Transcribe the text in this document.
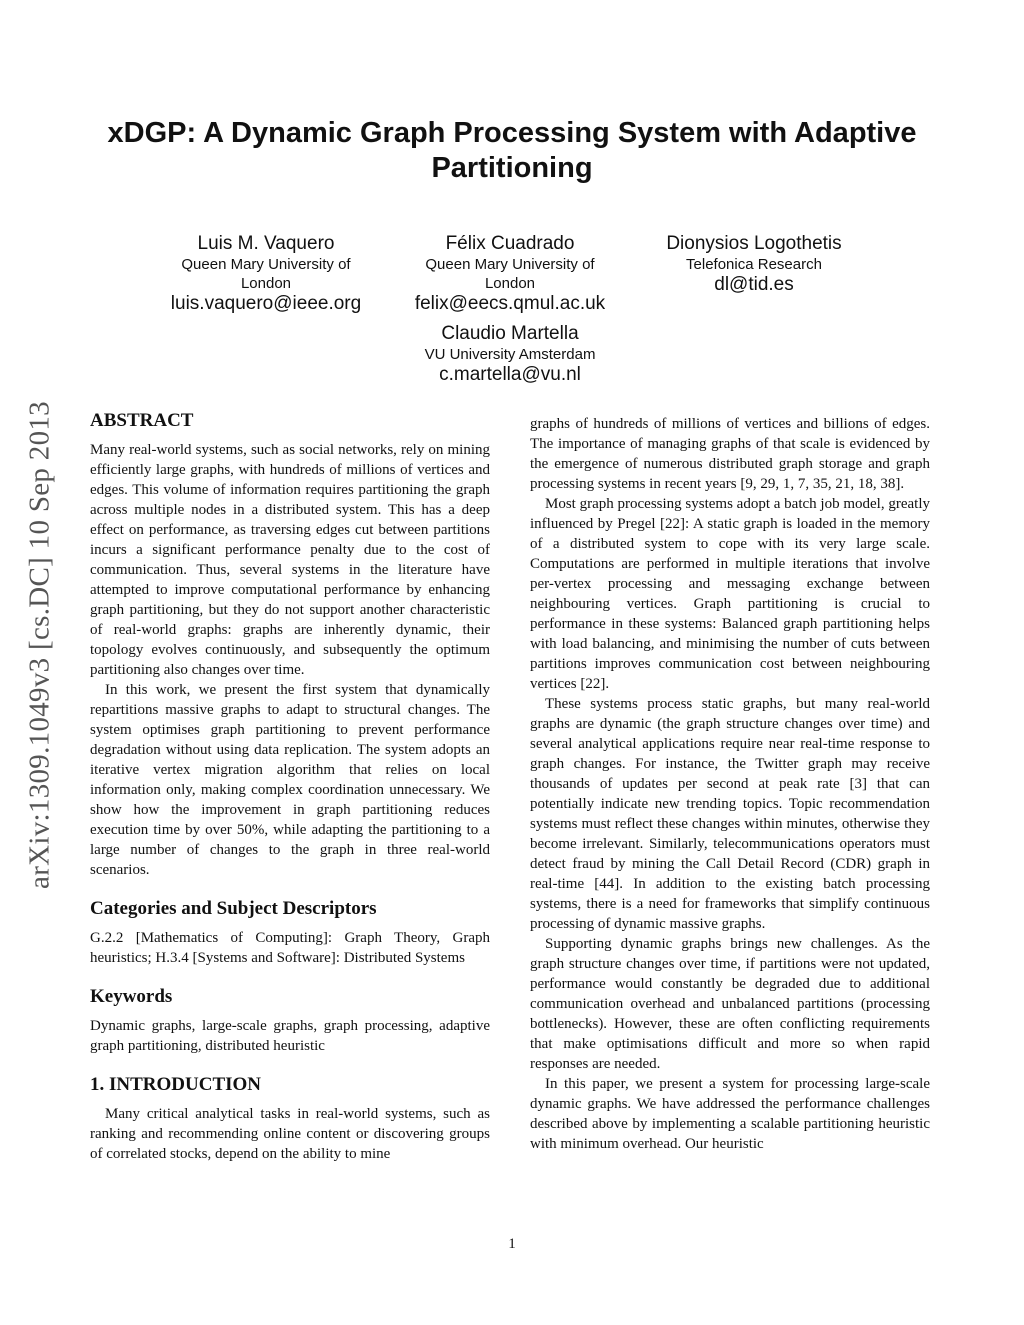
xDGP: A Dynamic Graph Processing System with Adaptive Partitioning
Luis M. Vaquero
Queen Mary University of London
luis.vaquero@ieee.org
Félix Cuadrado
Queen Mary University of London
felix@eecs.qmul.ac.uk
Dionysios Logothetis
Telefonica Research
dl@tid.es
Claudio Martella
VU University Amsterdam
c.martella@vu.nl
arXiv:1309.1049v3 [cs.DC] 10 Sep 2013 ABSTRACT

Many real-world systems, such as social networks, rely on mining efficiently large graphs, with hundreds of millions of vertices and edges. This volume of information requires partitioning the graph across multiple nodes in a distributed system. This has a deep effect on performance, as traversing edges cut between partitions incurs a significant performance penalty due to the cost of communication. Thus, several systems in the literature have attempted to improve computational performance by enhancing graph partitioning, but they do not support another characteristic of real-world graphs: graphs are inherently dynamic, their topology evolves continuously, and subsequently the optimum partitioning also changes over time.

In this work, we present the first system that dynamically repartitions massive graphs to adapt to structural changes. The system optimises graph partitioning to prevent performance degradation without using data replication. The system adopts an iterative vertex migration algorithm that relies on local information only, making complex coordination unnecessary. We show how the improvement in graph partitioning reduces execution time by over 50%, while adapting the partitioning to a large number of changes to the graph in three real-world scenarios.

Categories and Subject Descriptors

G.2.2 [Mathematics of Computing]: Graph Theory, Graph heuristics; H.3.4 [Systems and Software]: Distributed Systems

Keywords

Dynamic graphs, large-scale graphs, graph processing, adaptive graph partitioning, distributed heuristic

1. INTRODUCTION

Many critical analytical tasks in real-world systems, such as ranking and recommending online content or discovering groups of correlated stocks, depend on the ability to mine

graphs of hundreds of millions of vertices and billions of edges. The importance of managing graphs of that scale is evidenced by the emergence of numerous distributed graph storage and graph processing systems in recent years [9, 29, 1, 7, 35, 21, 18, 38].

Most graph processing systems adopt a batch job model, greatly influenced by Pregel [22]: A static graph is loaded in the memory of a distributed system to cope with its very large scale. Computations are performed in multiple iterations that involve per-vertex processing and messaging exchange between neighbouring vertices. Graph partitioning is crucial to performance in these systems: Balanced graph partitioning helps with load balancing, and minimising the number of cuts between partitions improves communication cost between neighbouring vertices [22].

These systems process static graphs, but many real-world graphs are dynamic (the graph structure changes over time) and several analytical applications require near real-time response to graph changes. For instance, the Twitter graph may receive thousands of updates per second at peak rate [3] that can potentially indicate new trending topics. Topic recommendation systems must reflect these changes within minutes, otherwise they become irrelevant. Similarly, telecommunications operators must detect fraud by mining the Call Detail Record (CDR) graph in real-time [44]. In addition to the existing batch processing systems, there is a need for frameworks that simplify continuous processing of dynamic massive graphs.

Supporting dynamic graphs brings new challenges. As the graph structure changes over time, if partitions were not updated, performance would constantly be degraded due to additional communication overhead and unbalanced partitions (processing bottlenecks). However, these are often conflicting requirements that make optimisations difficult and more so when rapid responses are needed.

In this paper, we present a system for processing large-scale dynamic graphs. We have addressed the performance challenges described above by implementing a scalable partitioning heuristic with minimum overhead. Our heuristic

1
